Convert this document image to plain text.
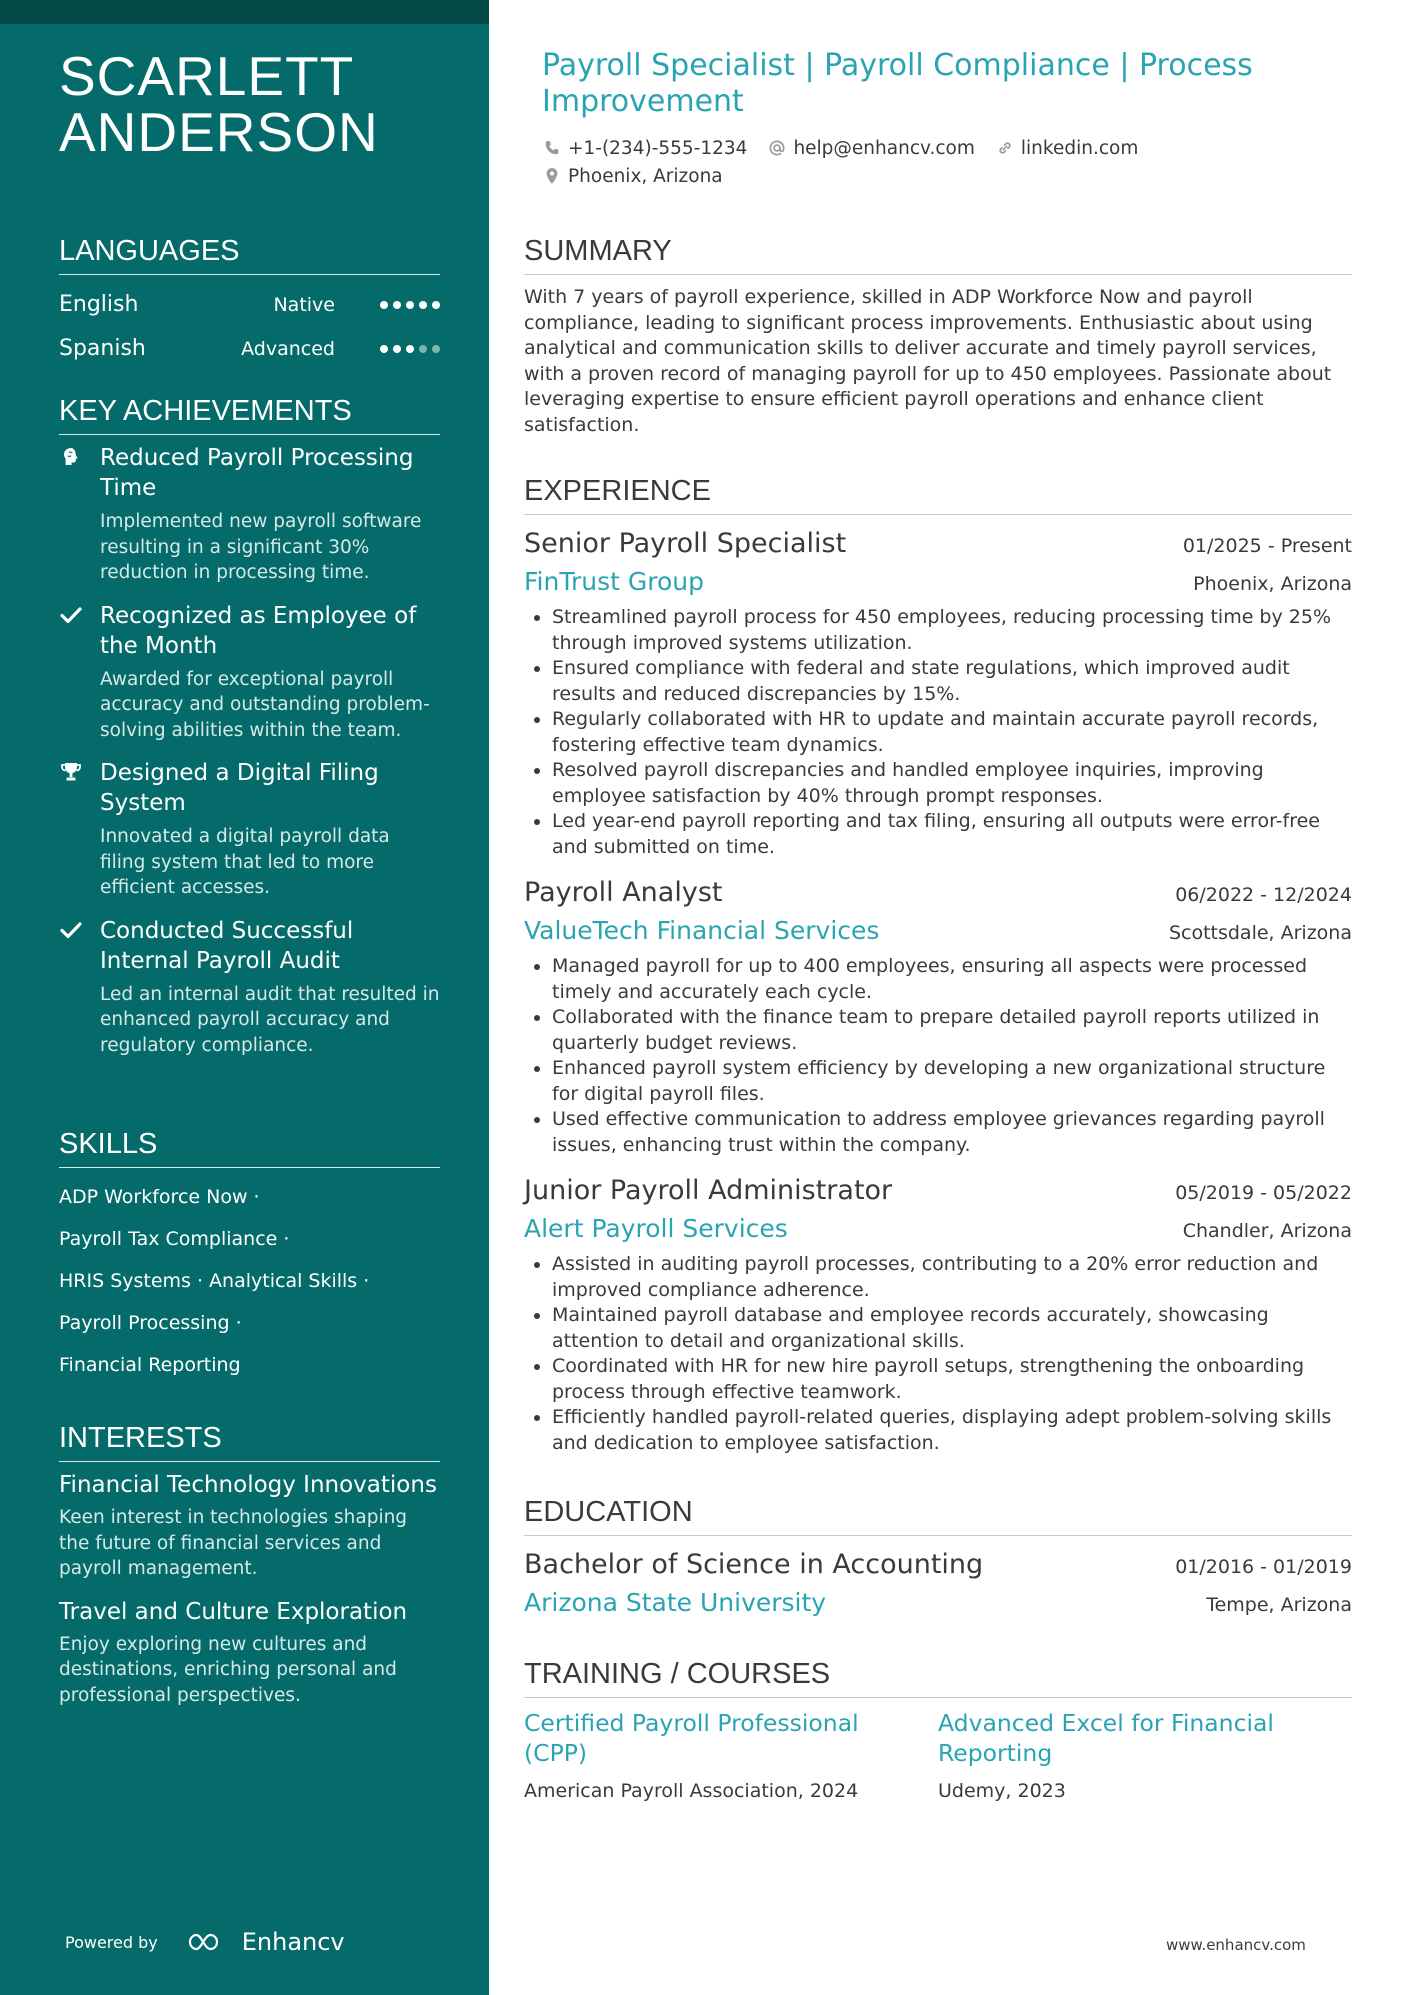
SCARLETT
ANDERSON
LANGUAGES
English	Native
Spanish	Advanced
KEY ACHIEVEMENTS
Reduced Payroll Processing Time
Implemented new payroll software resulting in a significant 30% reduction in processing time.
Recognized as Employee of the Month
Awarded for exceptional payroll accuracy and outstanding problem-solving abilities within the team.
Designed a Digital Filing System
Innovated a digital payroll data filing system that led to more efficient accesses.
Conducted Successful Internal Payroll Audit
Led an internal audit that resulted in enhanced payroll accuracy and regulatory compliance.
SKILLS
ADP Workforce Now ·
Payroll Tax Compliance ·
HRIS Systems · Analytical Skills ·
Payroll Processing ·
Financial Reporting
INTERESTS
Financial Technology Innovations
Keen interest in technologies shaping the future of financial services and payroll management.
Travel and Culture Exploration
Enjoy exploring new cultures and destinations, enriching personal and professional perspectives.
Powered by	Enhancv
Payroll Specialist | Payroll Compliance | Process Improvement
+1-(234)-555-1234 help@enhancv.com linkedin.com
Phoenix, Arizona
SUMMARY
With 7 years of payroll experience, skilled in ADP Workforce Now and payroll compliance, leading to significant process improvements. Enthusiastic about using analytical and communication skills to deliver accurate and timely payroll services, with a proven record of managing payroll for up to 450 employees. Passionate about leveraging expertise to ensure efficient payroll operations and enhance client satisfaction.
EXPERIENCE
Senior Payroll Specialist	01/2025 - Present
FinTrust Group	Phoenix, Arizona
• Streamlined payroll process for 450 employees, reducing processing time by 25% through improved systems utilization.
• Ensured compliance with federal and state regulations, which improved audit results and reduced discrepancies by 15%.
• Regularly collaborated with HR to update and maintain accurate payroll records, fostering effective team dynamics.
• Resolved payroll discrepancies and handled employee inquiries, improving employee satisfaction by 40% through prompt responses.
• Led year-end payroll reporting and tax filing, ensuring all outputs were error-free and submitted on time.
Payroll Analyst	06/2022 - 12/2024
ValueTech Financial Services	Scottsdale, Arizona
• Managed payroll for up to 400 employees, ensuring all aspects were processed timely and accurately each cycle.
• Collaborated with the finance team to prepare detailed payroll reports utilized in quarterly budget reviews.
• Enhanced payroll system efficiency by developing a new organizational structure for digital payroll files.
• Used effective communication to address employee grievances regarding payroll issues, enhancing trust within the company.
Junior Payroll Administrator	05/2019 - 05/2022
Alert Payroll Services	Chandler, Arizona
• Assisted in auditing payroll processes, contributing to a 20% error reduction and improved compliance adherence.
• Maintained payroll database and employee records accurately, showcasing attention to detail and organizational skills.
• Coordinated with HR for new hire payroll setups, strengthening the onboarding process through effective teamwork.
• Efficiently handled payroll-related queries, displaying adept problem-solving skills and dedication to employee satisfaction.
EDUCATION
Bachelor of Science in Accounting	01/2016 - 01/2019
Arizona State University	Tempe, Arizona
TRAINING / COURSES
Certified Payroll Professional (CPP)
American Payroll Association, 2024
Advanced Excel for Financial Reporting
Udemy, 2023
www.enhancv.com
